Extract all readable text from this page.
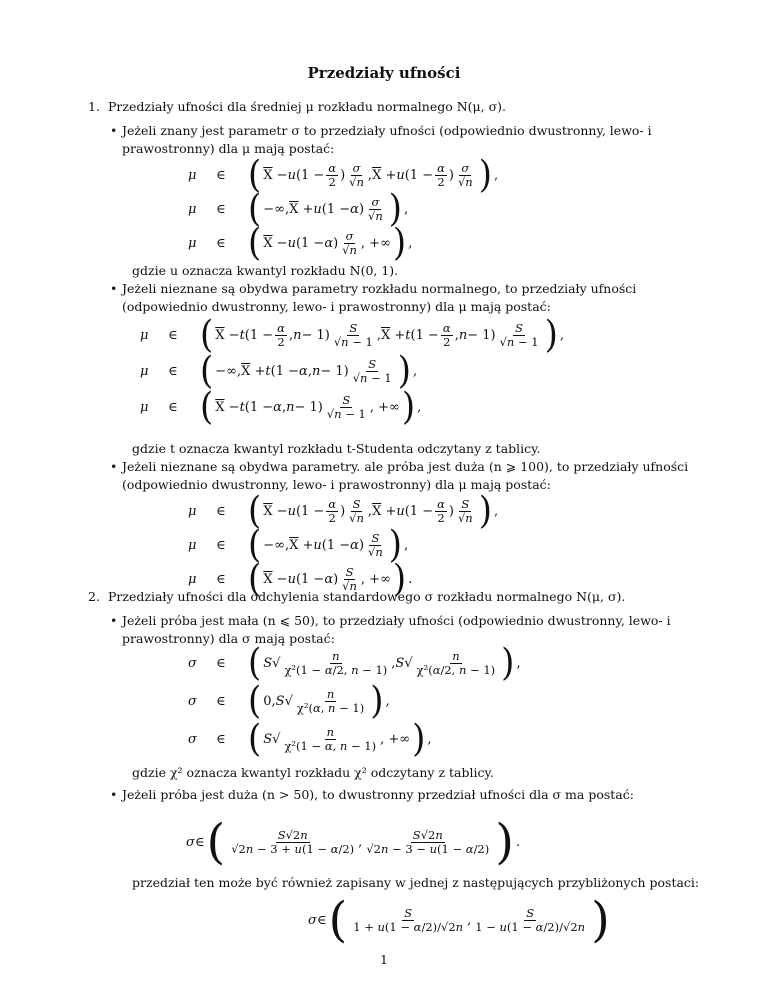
Przedziały ufności
1. Przedziały ufności dla średniej μ rozkładu normalnego N(μ, σ).
• Jeżeli znany jest parametr σ to przedziały ufności (odpowiednio dwustronny, lewo- i prawostronny) dla μ mają postać:
μ	∈ ( $\overline{X} - u$ ($1 - \frac{\alpha}{2}$ ) $\frac{\sigma}{√n}$ , $\overline{X} + u$ ($1 - \frac{\alpha}{2}$ ) $\frac{\sigma}{√n}$ ) ,
μ	∈ ( −∞, $\overline{X} + u$ (1 − α ) $\frac{\sigma}{√n}$ ) ,
μ	∈ ( $\overline{X} - u$ (1 − α ) $\frac{\sigma}{√n}$ , +∞ ) ,
gdzie u oznacza kwantyl rozkładu N(0, 1).
• Jeżeli nieznane są obydwa parametry rozkładu normalnego, to przedziały ufności (odpowiednio dwustronny, lewo- i prawostronny) dla μ mają postać:
μ	∈ ( $\overline{X} - t$ ($1 - \frac{\alpha}{2}$ , $n - 1) \frac{S}{√n - 1}$ , $\overline{X} + t$ ($1 - \frac{\alpha}{2}$ , $n - 1) \frac{S}{√n - 1}$ ) ,
μ	∈ ( −∞, $\overline{X} + t$ (1 − α , $n - 1) \frac{S}{√n - 1}$ ) ,
μ	∈ ( $\overline{X} - t$ (1 − α , $n - 1) \frac{S}{√n - 1}$ , +∞ ) ,
gdzie t oznacza kwantyl rozkładu t-Studenta odczytany z tablicy.
• Jeżeli nieznane są obydwa parametry. ale próba jest duża (n ⩾ 100), to przedziały ufności (odpowiednio dwustronny, lewo- i prawostronny) dla μ mają postać:
μ	∈ ( $\overline{X} - u$ ($1 - \frac{\alpha}{2}$ ) $\frac{S}{√n}$ , $\overline{X} + u$ ($1 - \frac{\alpha}{2}$ ) $\frac{S}{√n}$ ) ,
μ	∈ ( −∞, $\overline{X} + u$ (1 − α ) $\frac{S}{√n}$ ) ,
μ	∈ ( $\overline{X} - u$ (1 − α ) $\frac{S}{√n}$ , +∞ ) .
2. Przedziały ufności dla odchylenia standardowego σ rozkładu normalnego N(μ, σ).
• Jeżeli próba jest mała (n ⩽ 50), to przedziały ufności (odpowiednio dwustronny, lewo- i prawostronny) dla σ mają postać:
σ	∈ ( S √ $\frac{n}{\text{χ²(1 − α/2, n − 1)}}$ , S √ $\frac{n}{\text{χ²(α/2, n − 1)}}$ ) ,
σ	∈ ( 0, S √ $\frac{n}{\text{χ²(α, n − 1)}}$ ) ,
σ	∈ ( S √ $\frac{n}{\text{χ²(1 − α, n − 1)}}$ , +∞ ) ,
gdzie χ² oznacza kwantyl rozkładu χ² odczytany z tablicy.
• Jeżeli próba jest duża (n > 50), to dwustronny przedział ufności dla σ ma postać:
σ ∈ ( $\frac{S√2n}{√2n - 3 + u(1 - \alpha/2)}$ , $\frac{S√2n}{√2n - 3 - u(1 - \alpha/2)}$ ) .
przedział ten może być również zapisany w jednej z następujących przybliżonych postaci:
σ ∈ ( $\frac{S}{1 + u(1 - \alpha/2)/√2n}$ , $\frac{S}{1 - u(1 - \alpha/2)/√2n}$ )
1
